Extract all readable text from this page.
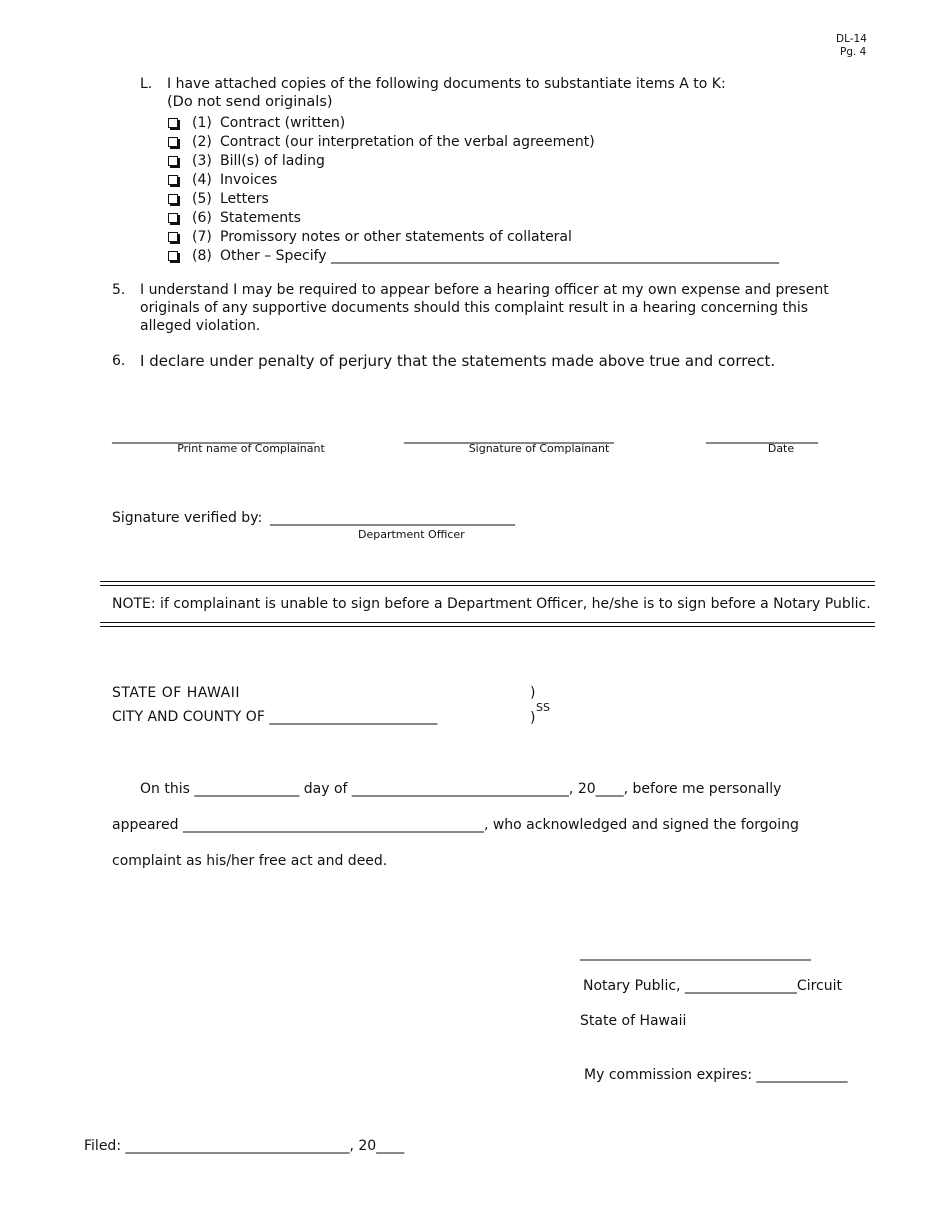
DL-14
Pg. 4
L. I have attached copies of the following documents to substantiate items A to K:
(Do not send originals)
(1) Contract (written)
(2) Contract (our interpretation of the verbal agreement)
(3) Bill(s) of lading
(4) Invoices
(5) Letters
(6) Statements
(7) Promissory notes or other statements of collateral
(8) Other – Specify ________________________________________________________________
5.	I understand I may be required to appear before a hearing officer at my own expense and present originals of any supportive documents should this complaint result in a hearing concerning this alleged violation.
6. I declare under penalty of perjury that the statements made above true and correct.
_____________________________
Print name of Complainant
______________________________
Signature of Complainant
________________
Date
Signature verified by: ___________________________________
Department Officer
NOTE: if complainant is unable to sign before a Department Officer, he/she is to sign before a Notary Public.
STATE OF HAWAII
CITY AND COUNTY OF ________________________
)
)
SS
On this _______________ day of _______________________________, 20____, before me personally
appeared ___________________________________________, who acknowledged and signed the forgoing
complaint as his/her free act and deed.
_________________________________
Notary Public, ________________Circuit
State of Hawaii
My commission expires: _____________
Filed: ________________________________, 20____
